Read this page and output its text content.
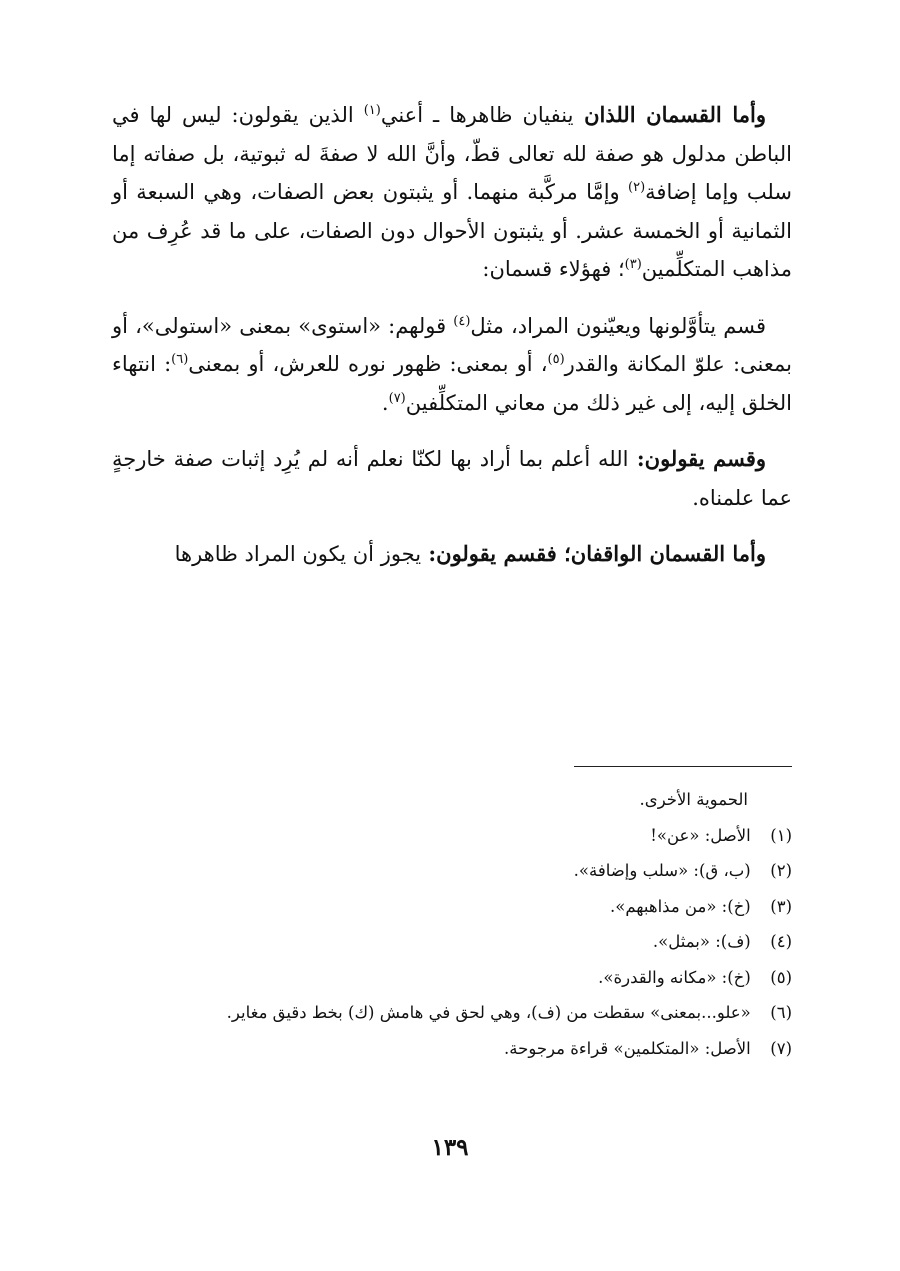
وأما القسمان اللذان ينفيان ظاهرها ـ أعني$^{(١)}$ الذين يقولون: ليس لها في الباطن مدلول هو صفة لله تعالى قطّ، وأنَّ الله لا صفةَ له ثبوتية، بل صفاته إما سلب وإما إضافة$^{(٢)}$ وإمَّا مركَّبة منهما. أو يثبتون بعض الصفات، وهي السبعة أو الثمانية أو الخمسة عشر. أو يثبتون الأحوال دون الصفات، على ما قد عُرِف من مذاهب المتكلِّمين$^{(٣)}$؛ فهؤلاء قسمان:

قسم يتأوَّلونها ويعيّنون المراد، مثل$^{(٤)}$ قولهم: «استوى» بمعنى «استولى»، أو بمعنى: علوّ المكانة والقدر$^{(٥)}$، أو بمعنى: ظهور نوره للعرش، أو بمعنى$^{(٦)}$: انتهاء الخلق إليه، إلى غير ذلك من معاني المتكلِّفين$^{(٧)}$.

وقسم يقولون: الله أعلم بما أراد بها لكنّا نعلم أنه لم يُرِد إثبات صفة خارجةٍ عما علمناه.

وأما القسمان الواقفان؛ فقسم يقولون: يجوز أن يكون المراد ظاهرها

الحموية الأخرى.

(١) الأصل: «عن»!

(٢) (ب، ق): «سلب وإضافة».

(٣) (خ): «من مذاهبهم».

(٤) (ف): «بمثل».

(٥) (خ): «مكانه والقدرة».

(٦) «علو...بمعنى» سقطت من (ف)، وهي لحق في هامش (ك) بخط دقيق مغاير.

(٧) الأصل: «المتكلمين» قراءة مرجوحة.

١٣٩
